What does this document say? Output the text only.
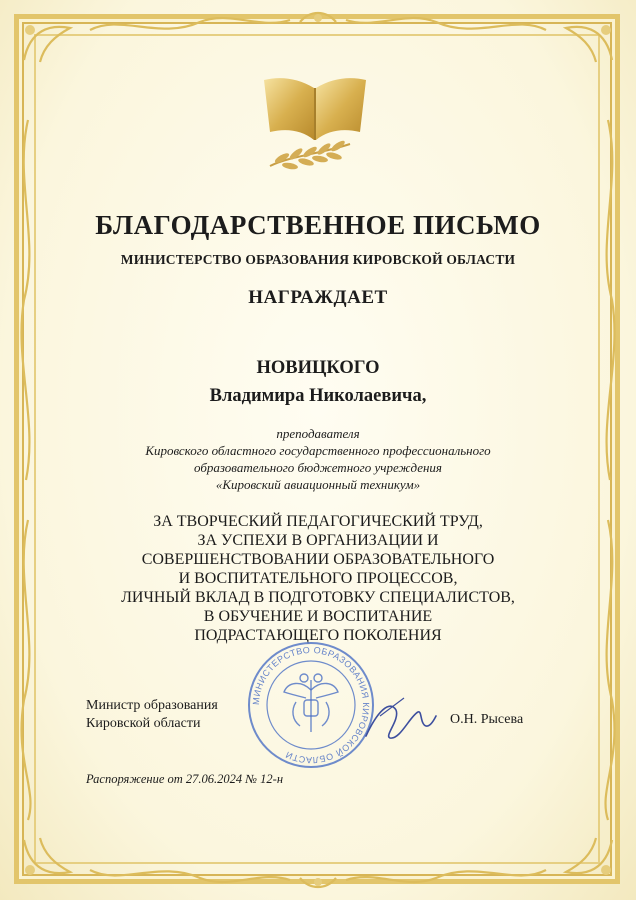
БЛАГОДАРСТВЕННОЕ ПИСЬМО
МИНИСТЕРСТВО ОБРАЗОВАНИЯ КИРОВСКОЙ ОБЛАСТИ
НАГРАЖДАЕТ
НОВИЦКОГО
Владимира Николаевича,
преподавателя
Кировского областного государственного профессионального
образовательного бюджетного учреждения
«Кировский авиационный техникум»
ЗА ТВОРЧЕСКИЙ ПЕДАГОГИЧЕСКИЙ ТРУД,
ЗА УСПЕХИ В ОРГАНИЗАЦИИ И
СОВЕРШЕНСТВОВАНИИ ОБРАЗОВАТЕЛЬНОГО
И ВОСПИТАТЕЛЬНОГО ПРОЦЕССОВ,
ЛИЧНЫЙ ВКЛАД В ПОДГОТОВКУ СПЕЦИАЛИСТОВ,
В ОБУЧЕНИЕ И ВОСПИТАНИЕ
ПОДРАСТАЮЩЕГО ПОКОЛЕНИЯ
МИНИСТЕРСТВО ОБРАЗОВАНИЯ КИРОВСКОЙ ОБЛАСТИ
Министр образования
Кировской области	О.Н. Рысева
Распоряжение от 27.06.2024 № 12-н
